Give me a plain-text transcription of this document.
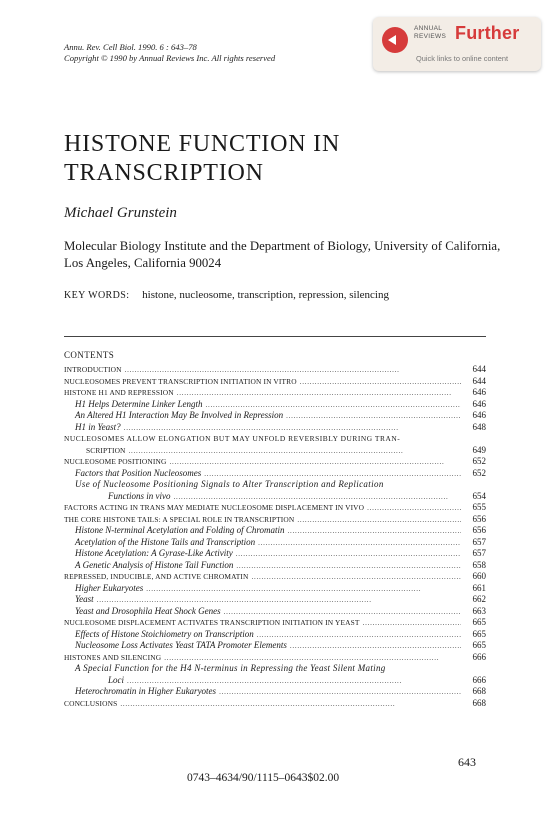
Annu. Rev. Cell Biol. 1990. 6 : 643–78
Copyright © 1990 by Annual Reviews Inc. All rights reserved
ANNUAL
REVIEWS Further
Quick links to online content
HISTONE FUNCTION IN
TRANSCRIPTION
Michael Grunstein
Molecular Biology Institute and the Department of Biology, University of California, Los Angeles, California 90024
KEY WORDS: histone, nucleosome, transcription, repression, silencing
CONTENTS
INTRODUCTION . . .	644
NUCLEOSOMES PREVENT TRANSCRIPTION INITIATION IN VITRO . . .	644
HISTONE H1 AND REPRESSION . . .	646
H1 Helps Determine Linker Length . . .	646
An Altered H1 Interaction May Be Involved in Repression . . .	646
H1 in Yeast? . . .	648
NUCLEOSOMES ALLOW ELONGATION BUT MAY UNFOLD REVERSIBLY DURING TRAN-
SCRIPTION . . .	649
NUCLEOSOME POSITIONING . . .	652
Factors that Position Nucleosomes . . .	652
Use of Nucleosome Positioning Signals to Alter Transcription and Replication
Functions in vivo . . .	654
FACTORS ACTING IN TRANS MAY MEDIATE NUCLEOSOME DISPLACEMENT IN VIVO . . .	655
THE CORE HISTONE TAILS: A SPECIAL ROLE IN TRANSCRIPTION . . .	656
Histone N-terminal Acetylation and Folding of Chromatin . . .	656
Acetylation of the Histone Tails and Transcription . . .	657
Histone Acetylation: A Gyrase-Like Activity . . .	657
A Genetic Analysis of Histone Tail Function . . .	658
REPRESSED, INDUCIBLE, AND ACTIVE CHROMATIN . . .	660
Higher Eukaryotes . . .	661
Yeast . . .	662
Yeast and Drosophila Heat Shock Genes . . .	663
NUCLEOSOME DISPLACEMENT ACTIVATES TRANSCRIPTION INITIATION IN YEAST . . .	665
Effects of Histone Stoichiometry on Transcription . . .	665
Nucleosome Loss Activates Yeast TATA Promoter Elements . . .	665
HISTONES AND SILENCING . . .	666
A Special Function for the H4 N-terminus in Repressing the Yeast Silent Mating
Loci . . .	666
Heterochromatin in Higher Eukaryotes . . .	668
CONCLUSIONS . . .	668
643
0743–4634/90/1115–0643$02.00
